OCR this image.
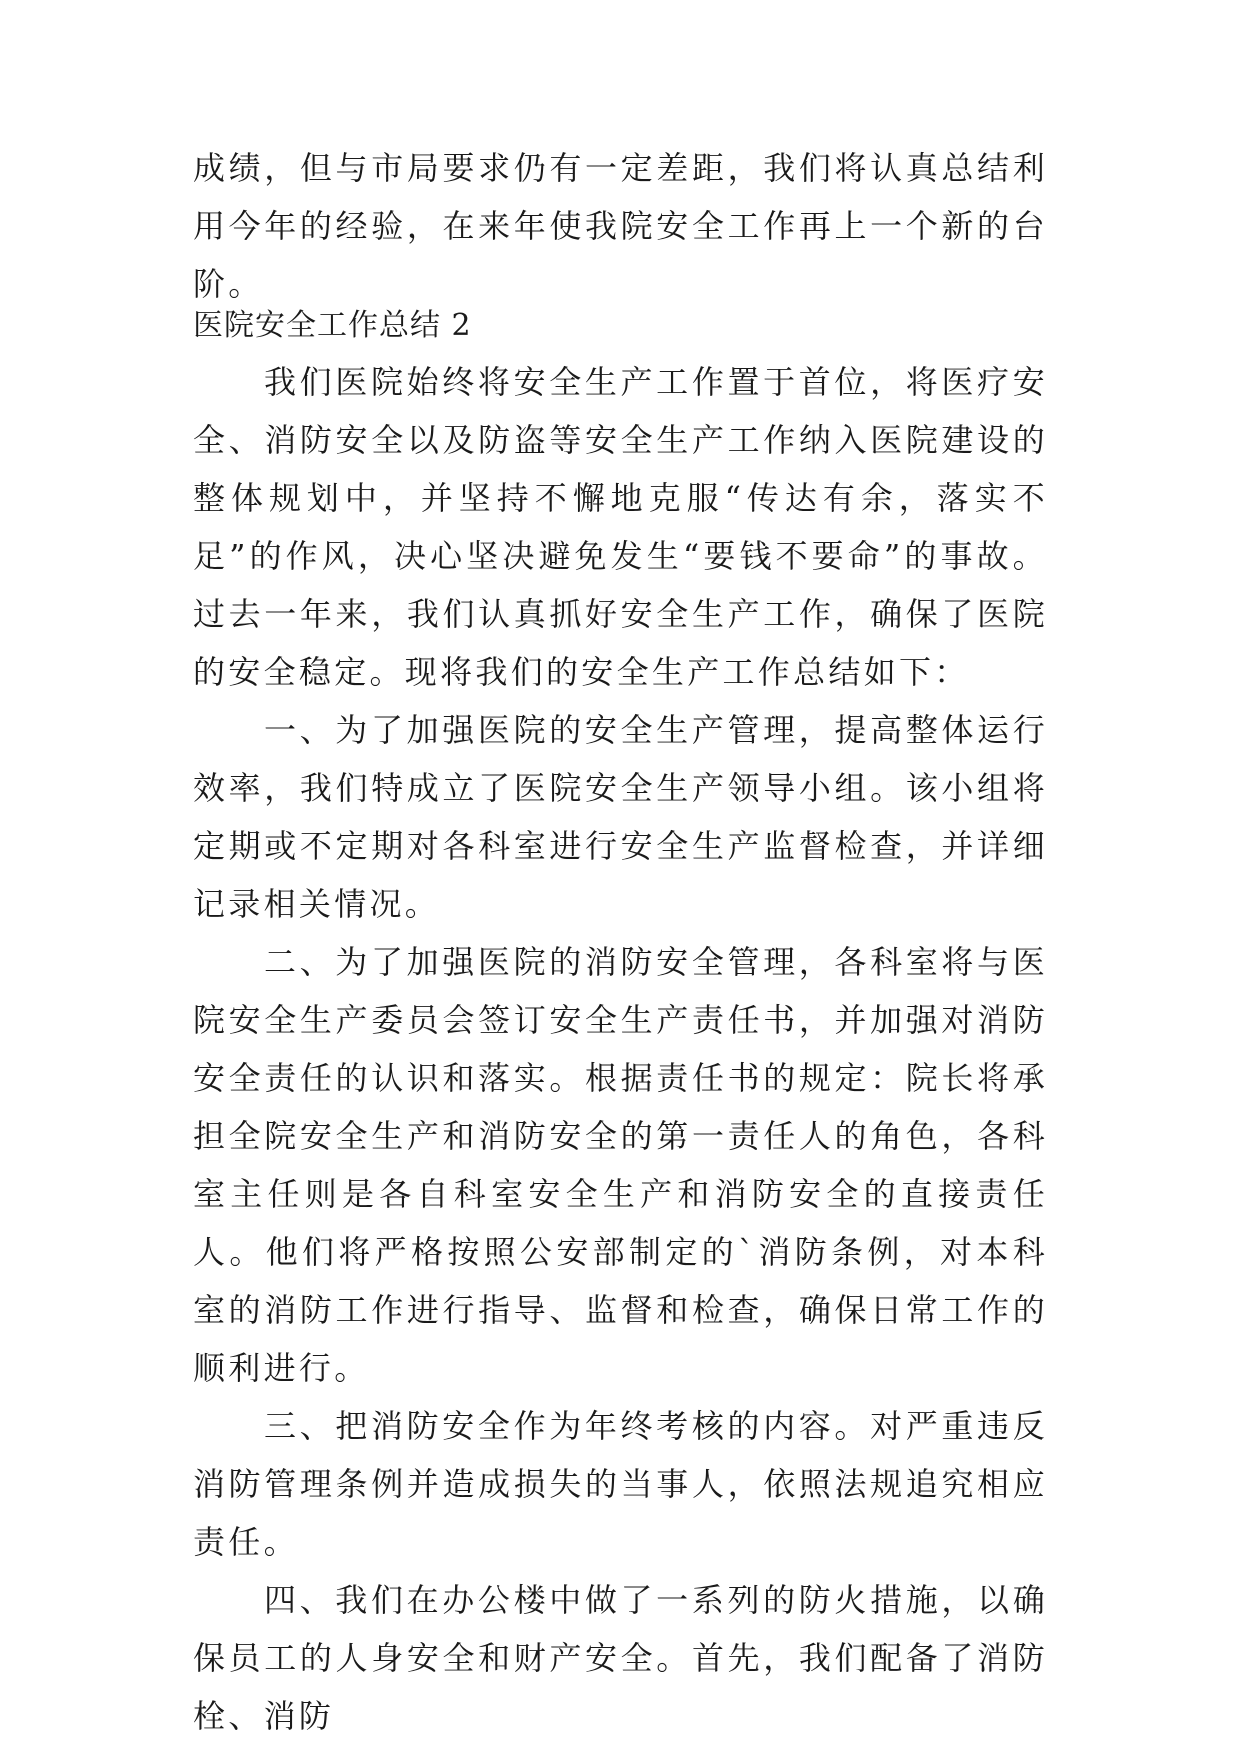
成绩，但与市局要求仍有一定差距，我们将认真总结利用今年的经验，在来年使我院安全工作再上一个新的台阶。

医院安全工作总结 2

我们医院始终将安全生产工作置于首位，将医疗安全、消防安全以及防盗等安全生产工作纳入医院建设的整体规划中，并坚持不懈地克服“传达有余，落实不足”的作风，决心坚决避免发生“要钱不要命”的事故。过去一年来，我们认真抓好安全生产工作，确保了医院的安全稳定。现将我们的安全生产工作总结如下：

一、为了加强医院的安全生产管理，提高整体运行效率，我们特成立了医院安全生产领导小组。该小组将定期或不定期对各科室进行安全生产监督检查，并详细记录相关情况。

二、为了加强医院的消防安全管理，各科室将与医院安全生产委员会签订安全生产责任书，并加强对消防安全责任的认识和落实。根据责任书的规定：院长将承担全院安全生产和消防安全的第一责任人的角色，各科室主任则是各自科室安全生产和消防安全的直接责任人。他们将严格按照公安部制定的`消防条例，对本科室的消防工作进行指导、监督和检查，确保日常工作的顺利进行。

三、把消防安全作为年终考核的内容。对严重违反消防管理条例并造成损失的当事人，依照法规追究相应责任。

四、我们在办公楼中做了一系列的防火措施，以确保员工的人身安全和财产安全。首先，我们配备了消防栓、消防
